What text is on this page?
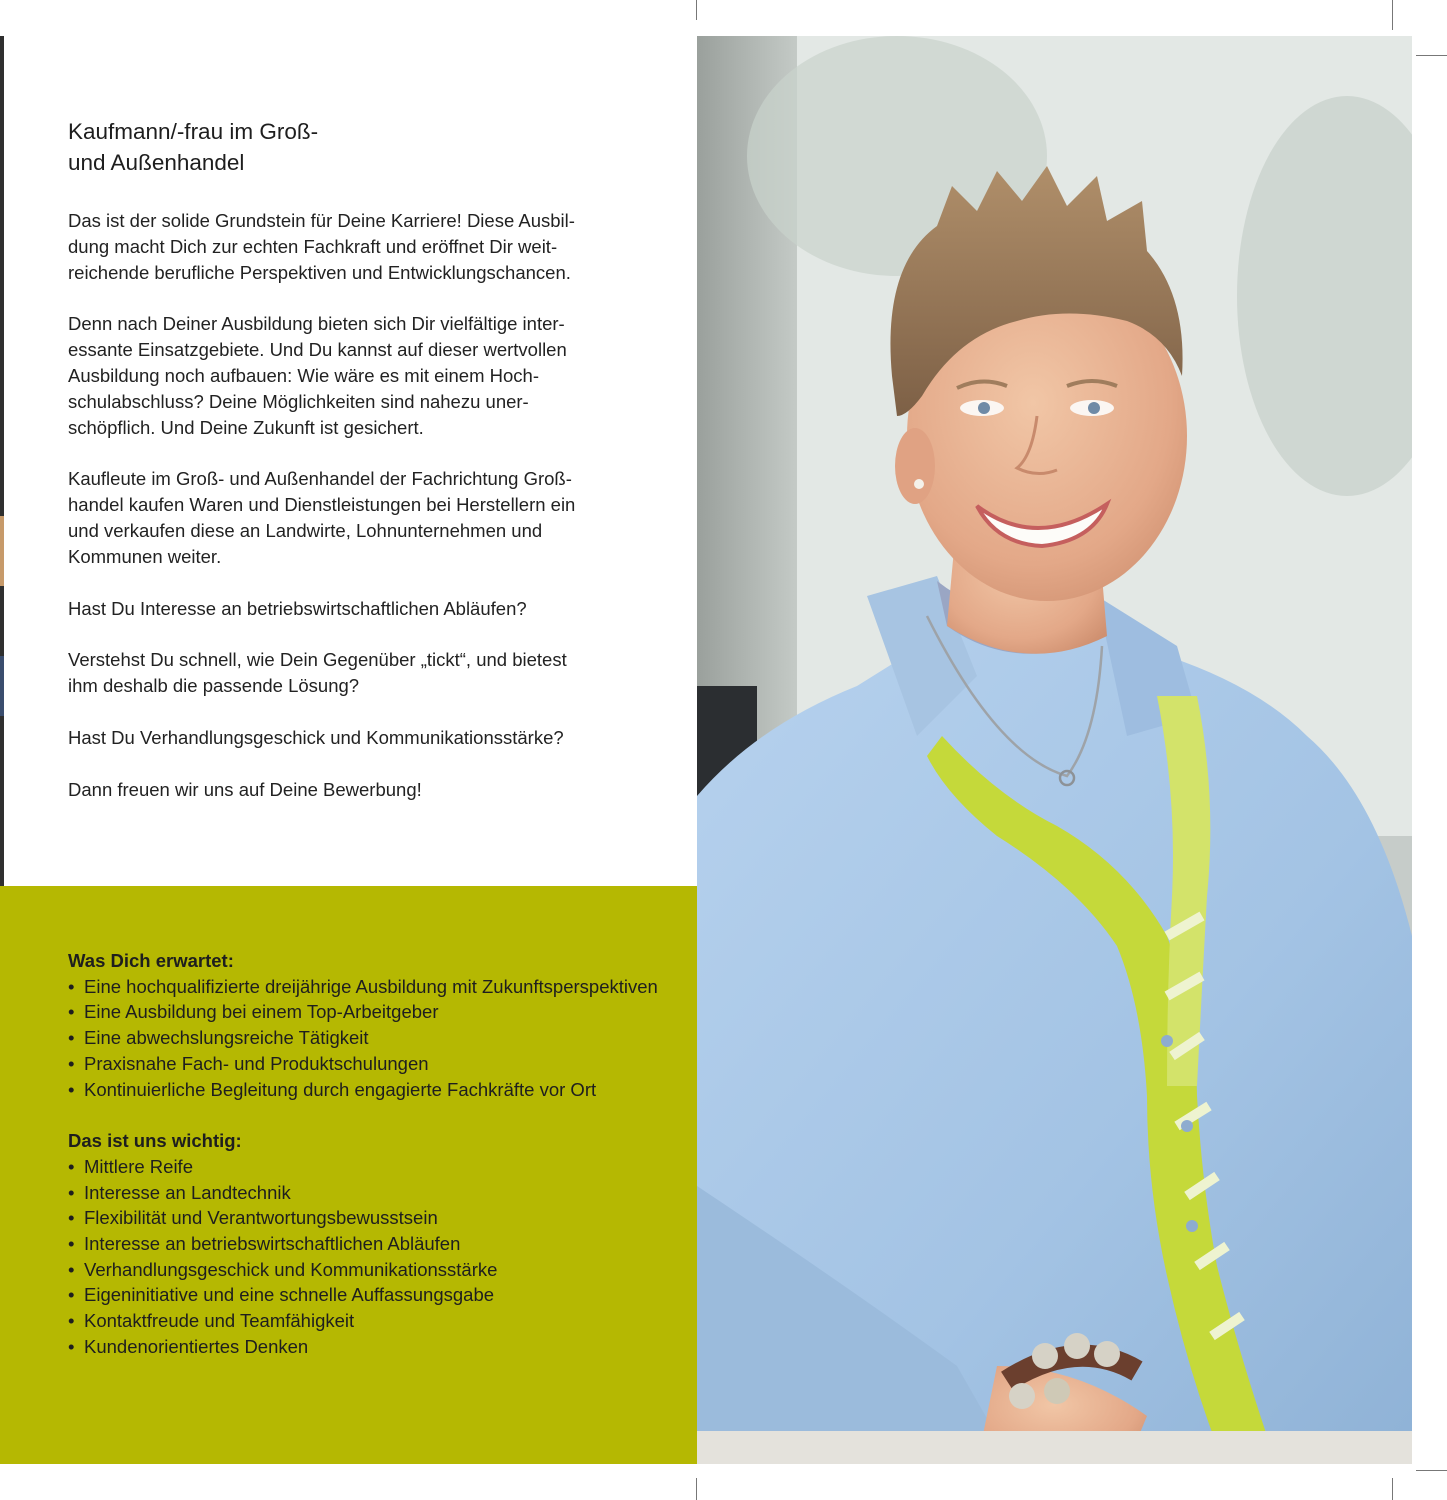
Kaufmann/-frau im Groß-
und Außenhandel

Das ist der solide Grundstein für Deine Karriere! Diese Ausbil-
dung macht Dich zur echten Fachkraft und eröffnet Dir weit-
reichende berufliche Perspektiven und Entwicklungschancen.

Denn nach Deiner Ausbildung bieten sich Dir vielfältige inter-
essante Einsatzgebiete. Und Du kannst auf dieser wertvollen
Ausbildung noch aufbauen: Wie wäre es mit einem Hoch-
schulabschluss? Deine Möglichkeiten sind nahezu uner-
schöpflich. Und Deine Zukunft ist gesichert.

Kaufleute im Groß- und Außenhandel der Fachrichtung Groß-
handel kaufen Waren und Dienstleistungen bei Herstellern ein
und verkaufen diese an Landwirte, Lohnunternehmen und
Kommunen weiter.

Hast Du Interesse an betriebswirtschaftlichen Abläufen?

Verstehst Du schnell, wie Dein Gegenüber „tickt“, und bietest
ihm deshalb die passende Lösung?

Hast Du Verhandlungsgeschick und Kommunikationsstärke?

Dann freuen wir uns auf Deine Bewerbung!

Was Dich erwartet:
• Eine hochqualifizierte dreijährige Ausbildung mit Zukunftsperspektiven
• Eine Ausbildung bei einem Top-Arbeitgeber
• Eine abwechslungsreiche Tätigkeit
• Praxisnahe Fach- und Produktschulungen
• Kontinuierliche Begleitung durch engagierte Fachkräfte vor Ort
Das ist uns wichtig:
• Mittlere Reife
• Interesse an Landtechnik
• Flexibilität und Verantwortungsbewusstsein
• Interesse an betriebswirtschaftlichen Abläufen
• Verhandlungsgeschick und Kommunikationsstärke
• Eigeninitiative und eine schnelle Auffassungsgabe
• Kontaktfreude und Teamfähigkeit
• Kundenorientiertes Denken
